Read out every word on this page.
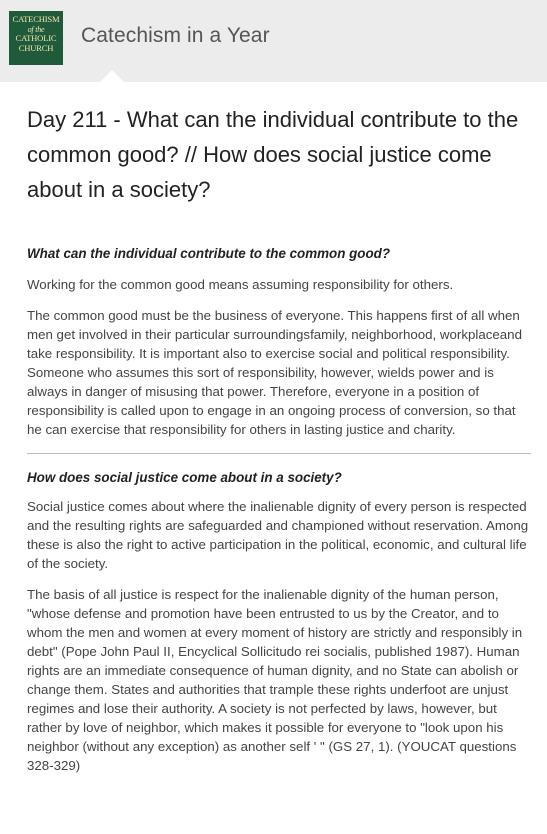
CATECHISM
of the
CATHOLIC
CHURCH
Catechism in a Year
Day 211 - What can the individual contribute to the common good? // How does social justice come about in a society?
What can the individual contribute to the common good?

Working for the common good means assuming responsibility for others.

The common good must be the business of everyone. This happens first of all when men get involved in their particular surroundingsfamily, neighborhood, workplaceand take responsibility. It is important also to exercise social and political responsibility. Someone who assumes this sort of responsibility, however, wields power and is always in danger of misusing that power. Therefore, everyone in a position of responsibility is called upon to engage in an ongoing process of conversion, so that he can exercise that responsibility for others in lasting justice and charity.

How does social justice come about in a society?

Social justice comes about where the inalienable dignity of every person is respected and the resulting rights are safeguarded and championed without reservation. Among these is also the right to active participation in the political, economic, and cultural life of the society.

The basis of all justice is respect for the inalienable dignity of the human person, "whose defense and promotion have been entrusted to us by the Creator, and to whom the men and women at every moment of history are strictly and responsibly in debt" (Pope John Paul II, Encyclical Sollicitudo rei socialis, published 1987). Human rights are an immediate consequence of human dignity, and no State can abolish or change them. States and authorities that trample these rights underfoot are unjust regimes and lose their authority. A society is not perfected by laws, however, but rather by love of neighbor, which makes it possible for everyone to "look upon his neighbor (without any exception) as another self ' " (GS 27, 1). (YOUCAT questions 328-329)
